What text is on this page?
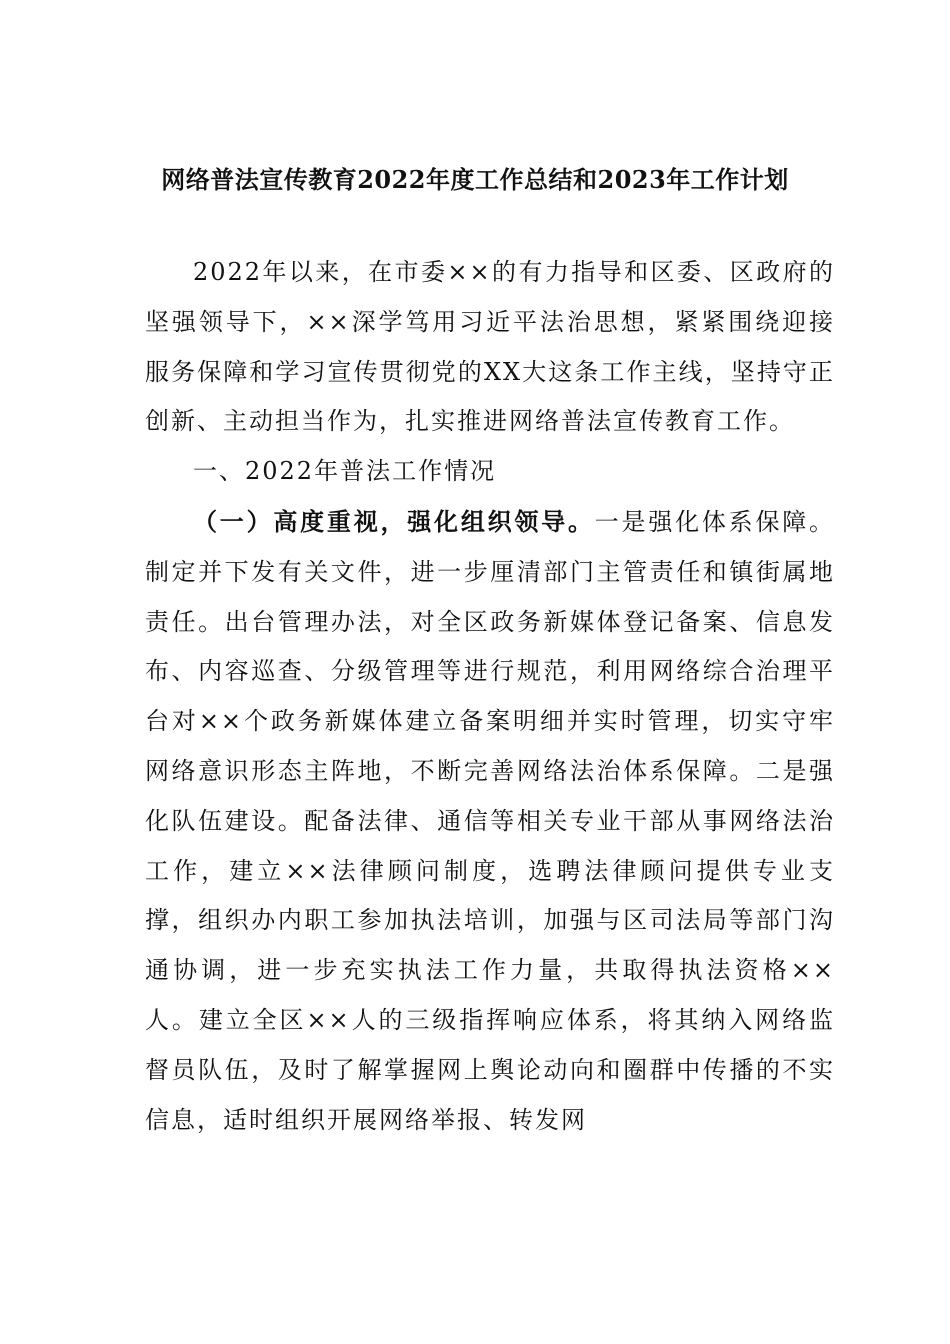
网络普法宣传教育2022年度工作总结和2023年工作计划

2022年以来，在市委××的有力指导和区委、区政府的坚强领导下，××深学笃用习近平法治思想，紧紧围绕迎接服务保障和学习宣传贯彻党的XX大这条工作主线，坚持守正创新、主动担当作为，扎实推进网络普法宣传教育工作。

一、2022年普法工作情况

（一）高度重视，强化组织领导。一是强化体系保障。制定并下发有关文件，进一步厘清部门主管责任和镇街属地责任。出台管理办法，对全区政务新媒体登记备案、信息发布、内容巡查、分级管理等进行规范，利用网络综合治理平台对××个政务新媒体建立备案明细并实时管理，切实守牢网络意识形态主阵地，不断完善网络法治体系保障。二是强化队伍建设。配备法律、通信等相关专业干部从事网络法治工作，建立××法律顾问制度，选聘法律顾问提供专业支撑，组织办内职工参加执法培训，加强与区司法局等部门沟通协调，进一步充实执法工作力量，共取得执法资格××人。建立全区××人的三级指挥响应体系，将其纳入网络监督员队伍，及时了解掌握网上舆论动向和圈群中传播的不实信息，适时组织开展网络举报、转发网
